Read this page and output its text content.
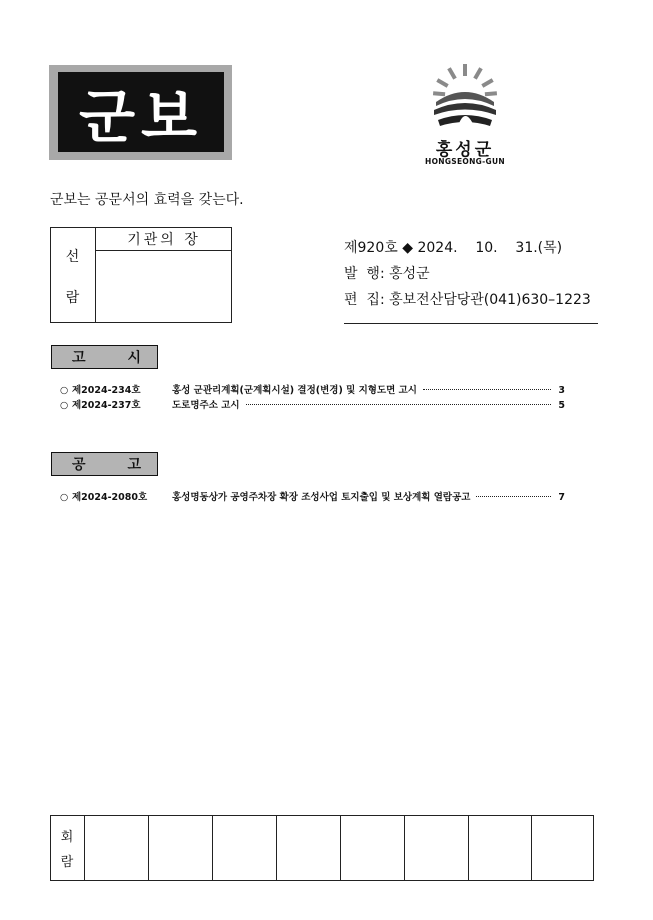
군보	홍성군
HONGSEONG-GUN
군보는 공문서의 효력을 갖는다.
선
람
기관의 장	제920호 ◆ 2024.    10.    31.(목)
발  행: 홍성군
편  집: 홍보전산담당관(041)630–1223
고	시
○ 제2024-234호	홍성 군관리계획(군계획시설) 결정(변경) 및 지형도면 고시	3
○ 제2024-237호	도로명주소 고시	5
공	고
○ 제2024-2080호	홍성명동상가 공영주차장 확장 조성사업 토지출입 및 보상계획 열람공고	7
회
람
